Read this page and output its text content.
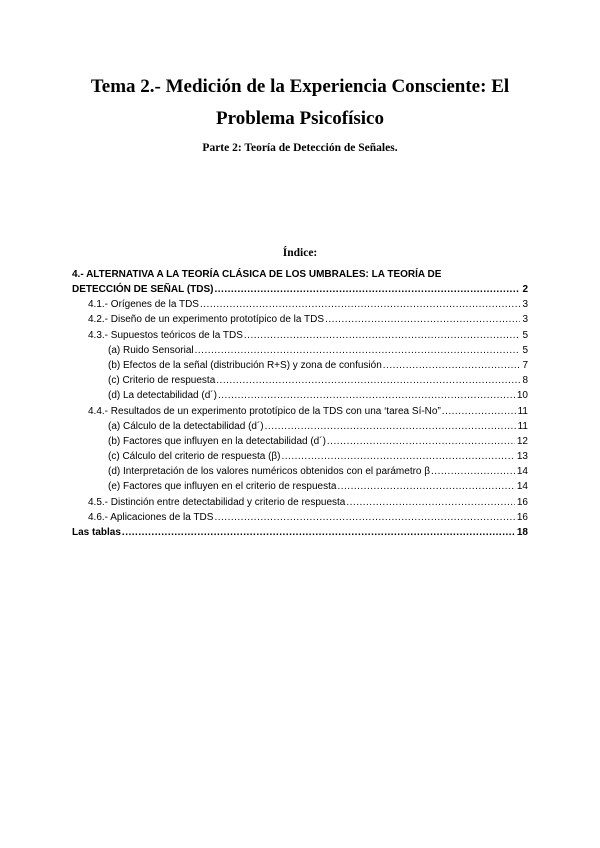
Tema 2.- Medición de la Experiencia Consciente: El
Problema Psicofísico

Parte 2: Teoría de Detección de Señales.

Índice:

4.- ALTERNATIVA A LA TEORÍA CLÁSICA DE LOS UMBRALES: LA TEORÍA DE
DETECCIÓN DE SEÑAL (TDS) .....	2
4.1.- Orígenes de la TDS .....	3
4.2.- Diseño de un experimento prototípico de la TDS .....	3
4.3.- Supuestos teóricos de la TDS .....	5
(a) Ruido Sensorial .....	5
(b) Efectos de la señal (distribución R+S) y zona de confusión .....	7
(c) Criterio de respuesta .....	8
(d) La detectabilidad (d´) .....	10
4.4.- Resultados de un experimento prototípico de la TDS con una ‘tarea Sí-No” .....	11
(a) Cálculo de la detectabilidad (d´) .....	11
(b) Factores que influyen en la detectabilidad (d´) .....	12
(c) Cálculo del criterio de respuesta (β) .....	13
(d) Interpretación de los valores numéricos obtenidos con el parámetro β .....	14
(e) Factores que influyen en el criterio de respuesta .....	14
4.5.- Distinción entre detectabilidad y criterio de respuesta .....	16
4.6.- Aplicaciones de la TDS .....	16
Las tablas .....	18
